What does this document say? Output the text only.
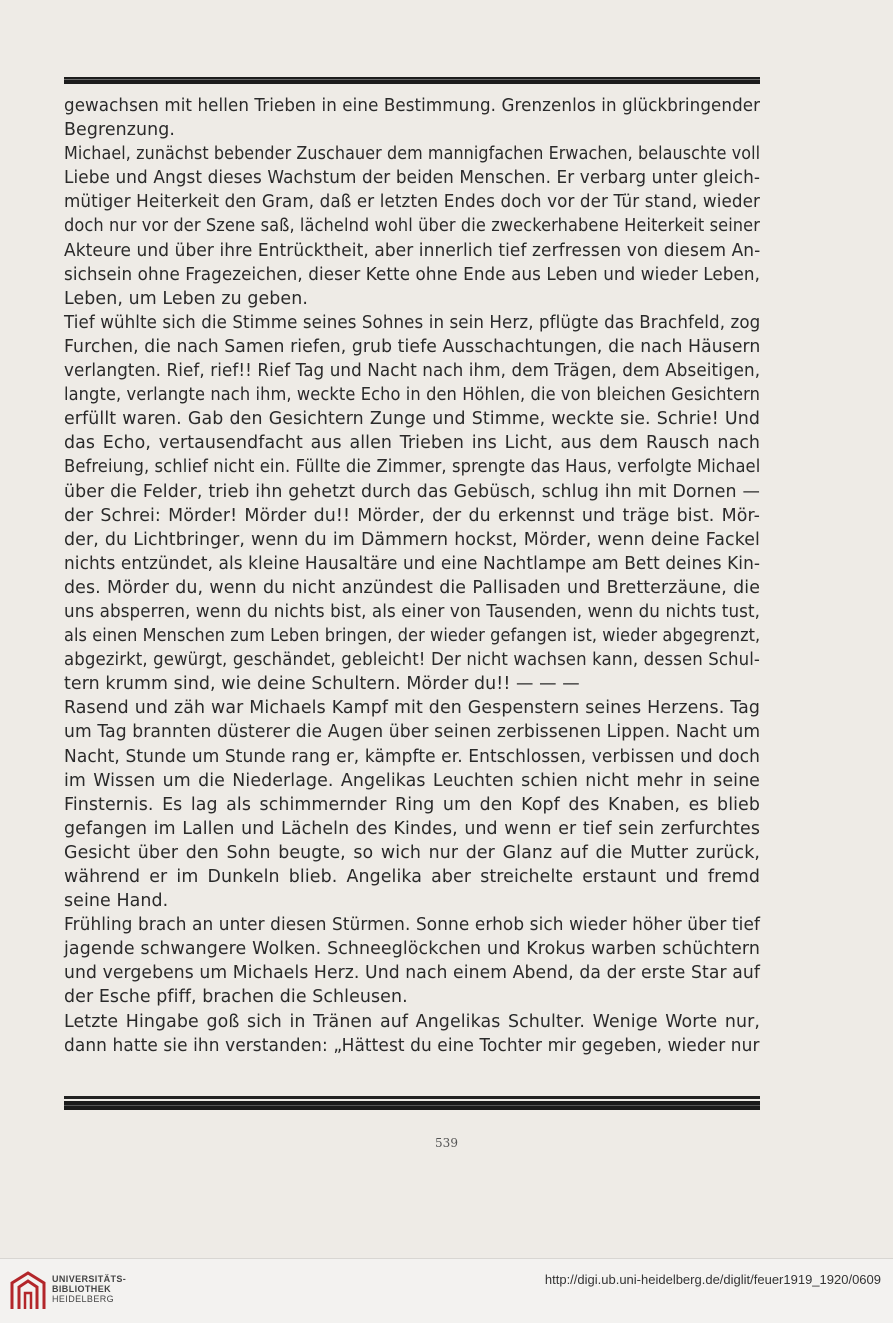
gewachsen mit hellen Trieben in eine Bestimmung. Grenzenlos in glückbringender
Begrenzung.
Michael, zunächst bebender Zuschauer dem mannigfachen Erwachen, belauschte voll
Liebe und Angst dieses Wachstum der beiden Menschen. Er verbarg unter gleich-
mütiger Heiterkeit den Gram, daß er letzten Endes doch vor der Tür stand, wieder
doch nur vor der Szene saß, lächelnd wohl über die zweckerhabene Heiterkeit seiner
Akteure und über ihre Entrücktheit, aber innerlich tief zerfressen von diesem An-
sichsein ohne Fragezeichen, dieser Kette ohne Ende aus Leben und wieder Leben,
Leben, um Leben zu geben.
Tief wühlte sich die Stimme seines Sohnes in sein Herz, pflügte das Brachfeld, zog
Furchen, die nach Samen riefen, grub tiefe Ausschachtungen, die nach Häusern
verlangten. Rief, rief!! Rief Tag und Nacht nach ihm, dem Trägen, dem Abseitigen,
langte, verlangte nach ihm, weckte Echo in den Höhlen, die von bleichen Gesichtern
erfüllt waren. Gab den Gesichtern Zunge und Stimme, weckte sie. Schrie! Und
das Echo, vertausendfacht aus allen Trieben ins Licht, aus dem Rausch nach
Befreiung, schlief nicht ein. Füllte die Zimmer, sprengte das Haus, verfolgte Michael
über die Felder, trieb ihn gehetzt durch das Gebüsch, schlug ihn mit Dornen —
der Schrei: Mörder! Mörder du!! Mörder, der du erkennst und träge bist. Mör-
der, du Lichtbringer, wenn du im Dämmern hockst, Mörder, wenn deine Fackel
nichts entzündet, als kleine Hausaltäre und eine Nachtlampe am Bett deines Kin-
des. Mörder du, wenn du nicht anzündest die Pallisaden und Bretterzäune, die
uns absperren, wenn du nichts bist, als einer von Tausenden, wenn du nichts tust,
als einen Menschen zum Leben bringen, der wieder gefangen ist, wieder abgegrenzt,
abgezirkt, gewürgt, geschändet, gebleicht! Der nicht wachsen kann, dessen Schul-
tern krumm sind, wie deine Schultern. Mörder du!! — — —
Rasend und zäh war Michaels Kampf mit den Gespenstern seines Herzens. Tag
um Tag brannten düsterer die Augen über seinen zerbissenen Lippen. Nacht um
Nacht, Stunde um Stunde rang er, kämpfte er. Entschlossen, verbissen und doch
im Wissen um die Niederlage. Angelikas Leuchten schien nicht mehr in seine
Finsternis. Es lag als schimmernder Ring um den Kopf des Knaben, es blieb
gefangen im Lallen und Lächeln des Kindes, und wenn er tief sein zerfurchtes
Gesicht über den Sohn beugte, so wich nur der Glanz auf die Mutter zurück,
während er im Dunkeln blieb. Angelika aber streichelte erstaunt und fremd
seine Hand.
Frühling brach an unter diesen Stürmen. Sonne erhob sich wieder höher über tief
jagende schwangere Wolken. Schneeglöckchen und Krokus warben schüchtern
und vergebens um Michaels Herz. Und nach einem Abend, da der erste Star auf
der Esche pfiff, brachen die Schleusen.
Letzte Hingabe goß sich in Tränen auf Angelikas Schulter. Wenige Worte nur,
dann hatte sie ihn verstanden: „Hättest du eine Tochter mir gegeben, wieder nur
539
UNIVERSITÄTS-
BIBLIOTHEK
HEIDELBERG
http://digi.ub.uni-heidelberg.de/diglit/feuer1919_1920/0609
